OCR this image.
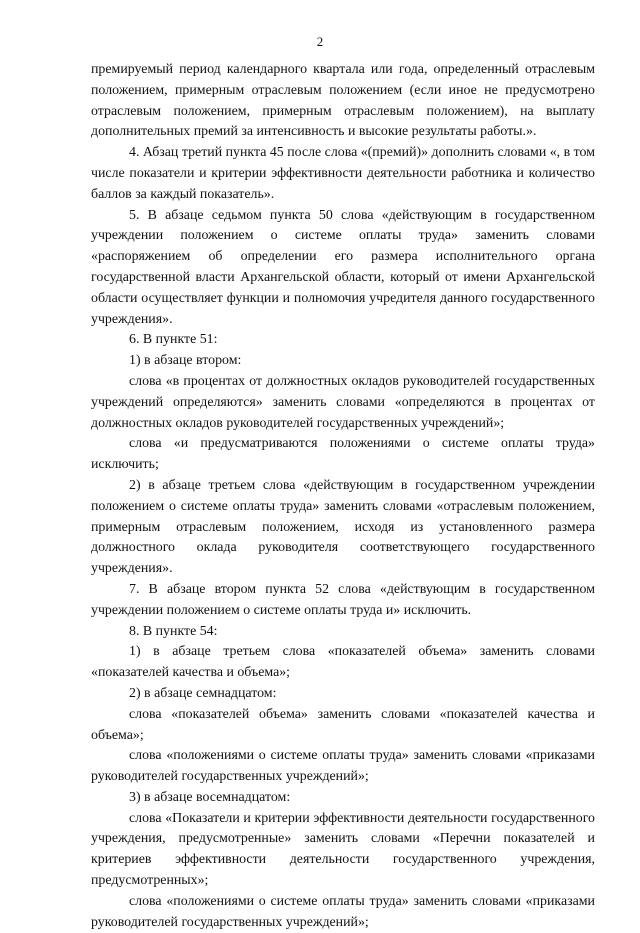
2

премируемый период календарного квартала или года, определенный отраслевым положением, примерным отраслевым положением (если иное не предусмотрено отраслевым положением, примерным отраслевым положением), на выплату дополнительных премий за интенсивность и высокие результаты работы.».

4. Абзац третий пункта 45 после слова «(премий)» дополнить словами «, в том числе показатели и критерии эффективности деятельности работника и количество баллов за каждый показатель».

5. В абзаце седьмом пункта 50 слова «действующим в государственном учреждении положением о системе оплаты труда» заменить словами «распоряжением об определении его размера исполнительного органа государственной власти Архангельской области, который от имени Архангельской области осуществляет функции и полномочия учредителя данного государственного учреждения».

6. В пункте 51:

1) в абзаце втором:

слова «в процентах от должностных окладов руководителей государственных учреждений определяются» заменить словами «определяются в процентах от должностных окладов руководителей государственных учреждений»;

слова «и предусматриваются положениями о системе оплаты труда» исключить;

2) в абзаце третьем слова «действующим в государственном учреждении положением о системе оплаты труда» заменить словами «отраслевым положением, примерным отраслевым положением, исходя из установленного размера должностного оклада руководителя соответствующего государственного учреждения».

7. В абзаце втором пункта 52 слова «действующим в государственном учреждении положением о системе оплаты труда и» исключить.

8. В пункте 54:

1) в абзаце третьем слова «показателей объема» заменить словами «показателей качества и объема»;

2) в абзаце семнадцатом:

слова «показателей объема» заменить словами «показателей качества и объема»;

слова «положениями о системе оплаты труда» заменить словами «приказами руководителей государственных учреждений»;

3) в абзаце восемнадцатом:

слова «Показатели и критерии эффективности деятельности государственного учреждения, предусмотренные» заменить словами «Перечни показателей и критериев эффективности деятельности государственного учреждения, предусмотренных»;

слова «положениями о системе оплаты труда» заменить словами «приказами руководителей государственных учреждений»;
